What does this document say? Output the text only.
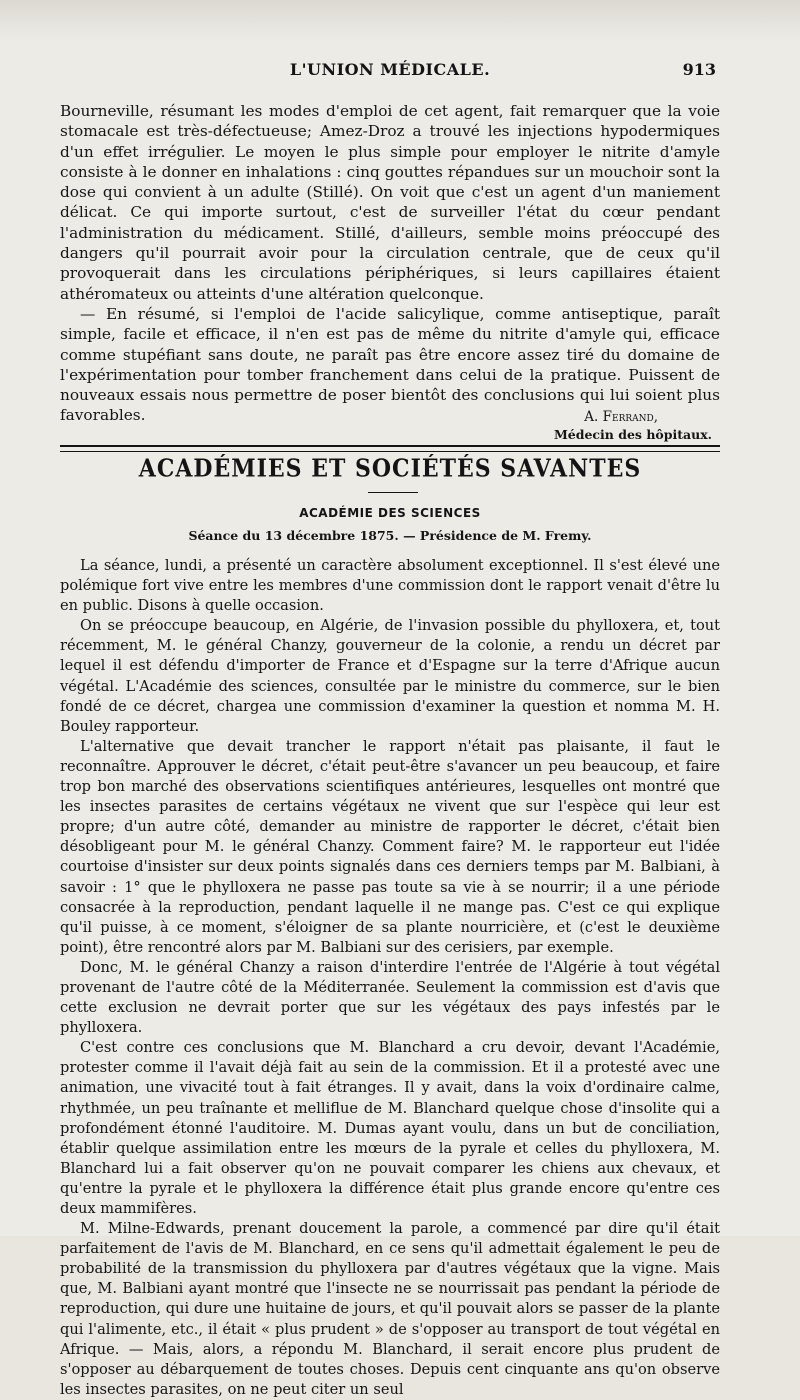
L'UNION MÉDICALE.	913

Bourneville, résumant les modes d'emploi de cet agent, fait remarquer que la voie stomacale est très-défectueuse; Amez-Droz a trouvé les injections hypodermiques d'un effet irrégulier. Le moyen le plus simple pour employer le nitrite d'amyle consiste à le donner en inhalations : cinq gouttes répandues sur un mouchoir sont la dose qui convient à un adulte (Stillé). On voit que c'est un agent d'un maniement délicat. Ce qui importe surtout, c'est de surveiller l'état du cœur pendant l'administration du médicament. Stillé, d'ailleurs, semble moins préoccupé des dangers qu'il pourrait avoir pour la circulation centrale, que de ceux qu'il provoquerait dans les circulations périphériques, si leurs capillaires étaient athéromateux ou atteints d'une altération quelconque.

— En résumé, si l'emploi de l'acide salicylique, comme antiseptique, paraît simple, facile et efficace, il n'en est pas de même du nitrite d'amyle qui, efficace comme stupéfiant sans doute, ne paraît pas être encore assez tiré du domaine de l'expérimentation pour tomber franchement dans celui de la pratique. Puissent de nouveaux essais nous permettre de poser bientôt des conclusions qui lui soient plus favorables.	A. Ferrand,
Médecin des hôpitaux.
ACADÉMIES ET SOCIÉTÉS SAVANTES
ACADÉMIE DES SCIENCES
Séance du 13 décembre 1875. — Présidence de M. Fremy.

La séance, lundi, a présenté un caractère absolument exceptionnel. Il s'est élevé une polémique fort vive entre les membres d'une commission dont le rapport venait d'être lu en public. Disons à quelle occasion.

On se préoccupe beaucoup, en Algérie, de l'invasion possible du phylloxera, et, tout récemment, M. le général Chanzy, gouverneur de la colonie, a rendu un décret par lequel il est défendu d'importer de France et d'Espagne sur la terre d'Afrique aucun végétal. L'Académie des sciences, consultée par le ministre du commerce, sur le bien fondé de ce décret, chargea une commission d'examiner la question et nomma M. H. Bouley rapporteur.

L'alternative que devait trancher le rapport n'était pas plaisante, il faut le reconnaître. Approuver le décret, c'était peut-être s'avancer un peu beaucoup, et faire trop bon marché des observations scientifiques antérieures, lesquelles ont montré que les insectes parasites de certains végétaux ne vivent que sur l'espèce qui leur est propre; d'un autre côté, demander au ministre de rapporter le décret, c'était bien désobligeant pour M. le général Chanzy. Comment faire? M. le rapporteur eut l'idée courtoise d'insister sur deux points signalés dans ces derniers temps par M. Balbiani, à savoir : 1° que le phylloxera ne passe pas toute sa vie à se nourrir; il a une période consacrée à la reproduction, pendant laquelle il ne mange pas. C'est ce qui explique qu'il puisse, à ce moment, s'éloigner de sa plante nourricière, et (c'est le deuxième point), être rencontré alors par M. Balbiani sur des cerisiers, par exemple.

Donc, M. le général Chanzy a raison d'interdire l'entrée de l'Algérie à tout végétal provenant de l'autre côté de la Méditerranée. Seulement la commission est d'avis que cette exclusion ne devrait porter que sur les végétaux des pays infestés par le phylloxera.

C'est contre ces conclusions que M. Blanchard a cru devoir, devant l'Académie, protester comme il l'avait déjà fait au sein de la commission. Et il a protesté avec une animation, une vivacité tout à fait étranges. Il y avait, dans la voix d'ordinaire calme, rhythmée, un peu traînante et melliflue de M. Blanchard quelque chose d'insolite qui a profondément étonné l'auditoire. M. Dumas ayant voulu, dans un but de conciliation, établir quelque assimilation entre les mœurs de la pyrale et celles du phylloxera, M. Blanchard lui a fait observer qu'on ne pouvait comparer les chiens aux chevaux, et qu'entre la pyrale et le phylloxera la différence était plus grande encore qu'entre ces deux mammifères.

M. Milne-Edwards, prenant doucement la parole, a commencé par dire qu'il était parfaitement de l'avis de M. Blanchard, en ce sens qu'il admettait également le peu de probabilité de la transmission du phylloxera par d'autres végétaux que la vigne. Mais que, M. Balbiani ayant montré que l'insecte ne se nourrissait pas pendant la période de reproduction, qui dure une huitaine de jours, et qu'il pouvait alors se passer de la plante qui l'alimente, etc., il était « plus prudent » de s'opposer au transport de tout végétal en Afrique. — Mais, alors, a répondu M. Blanchard, il serait encore plus prudent de s'opposer au débarquement de toutes choses. Depuis cent cinquante ans qu'on observe les insectes parasites, on ne peut citer un seul
